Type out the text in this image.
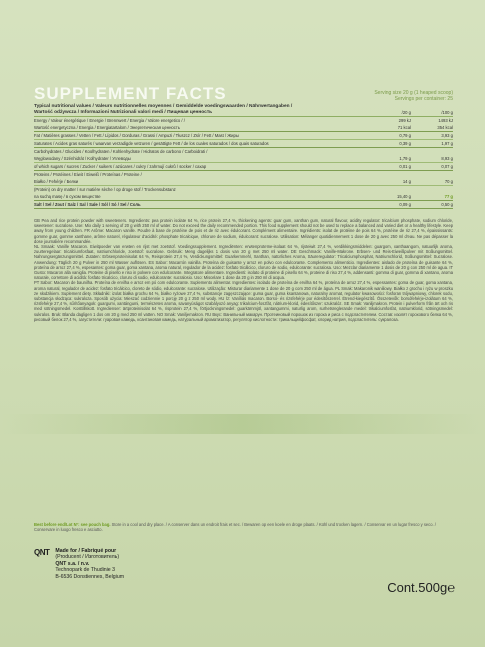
SUPPLEMENT FACTS	Serving size 20 g (1 heaped scoop)
Servings per container: 25
Typical nutritional values / Valeurs nutritionnelles moyennes / Gemiddelde voedingswaarden / Nährwertangaben /
Wartość odżywcza / Informazioni Nutrizionali valori medi / Пищевая ценность	/20 g	/100 g
Energy / Valeur énergétique / Energie / Brennwert / Energia / Valore energetico / /	299 kJ	1493 kJ
Wartość energetyczna / Energia / Energiatartalom / Энергетическая ценность	71 kcal	354 kcal
Fat / Matières grasses / Vetten / Fett / Lípidos / Gorduras / Grassi / Ampuzi / Tłuszcz / Zsír / Fett / Mast / Жиры	0,79 g	3,93 g
Saturates / Acides gras saturés / waarvan verzadigde vetzuren / gesättigte Fett / de los cuales saturados / dos quais saturados	0,39 g	1,97 g
Carbohydrates / Glucides / Koolhydraten / Kohlenhydrate / Hidratos de carbono / Carboidrati /
Węglowodany / Szénhidrát / Kolhydrater / Углеводы	1,79 g	8,93 g
of which sugars / sucres / Zucker / suikers / azúcares / cukry / zahrnují cukrů / socker / сахар	0,01 g	0,07 g
Proteins / Protéines / Eiwit / Eiweiß / Proteínas / Proteine /
Białko / Fehérje / Белки	14 g	70 g
(Protein) on dry matter / sur matière sèche / op droge stof / Trockensubstanz
na suchą masę / в сухом веществе	15,40 g	77 g
Salt / Sel / Zout / Salz / Sal / Sale / Sól / Só / Sel / Соль	0,09 g	0,50 g

GB Pea and rice protein powder with sweeteners. Ingredients: pea protein isolate 64 %, rice protein 27,4 %, thickening agents: guar gum, xanthan gum, natural flavour, acidity regulator: tricalcium phosphate, sodium chloride, sweetener: sucralose. Use: Mix daily 1 serving of 20 g with 250 ml of water. Do not exceed the daily recommended portion. This food supplement should not be used to replace a balanced and varied diet or a healthy lifestyle. Keep away from young children. FR Arôme: Macaron vanille. Poudre à base de protéine de pois et de riz avec édulcorant. Complément alimentaire. Ingrédients: isolat de protéine de pois 64 %, protéine de riz 27,4 %, épaississants: gomme guar, gomme xanthane, arôme naturel, régulateur d'acidité: phosphate tricalcique, chlorure de sodium, édulcorant: sucralose. Utilisation: Mélanger quotidiennement 1 dose de 20 g avec 250 ml d'eau. Ne pas dépasser la dose journalière recommandée.

NL Smaak: Vanille Macaron. Eiwitpoeder van erwten en rijst met zoetstof. Voedingssupplement. Ingrediënten: erwtenproteïne-isolaat 64 %, rijsteiwit 27,4 %, verdikkingsmiddelen: guargom, xanthaangom, natuurlijk aroma, zuurteregelaar: tricalciumfosfaat, natriumchloride, zoetstof: sucralose. Gebruik: Meng dagelijks 1 dosis van 20 g met 250 ml water. DE Geschmack: Vanille-Makrone. Erbsen- und Reis-Eiweißpulver mit Süßungsmittel. Nahrungsergänzungsmittel. Zutaten: Erbsenproteinisolat 64 %, Reisprotein 27,4 %, Verdickungsmittel: Guarkernmehl, Xanthan, natürliches Aroma, Säureregulator: Tricalciumphosphat, Natriumchlorid, Süßungsmittel: Sucralose. Anwendung: Täglich 20 g Pulver in 250 ml Wasser auflösen. ES Sabor: Macarrón vainilla. Proteína de guisante y arroz en polvo con edulcorante. Complemento alimenticio. Ingredientes: aislado de proteína de guisante 64 %, proteína de arroz 27,4 %, espesantes: goma guar, goma xantana, aroma natural, regulador de la acidez: fosfato tricálcico, cloruro de sodio, edulcorante: sucralosa. Uso: Mezclar diariamente 1 dosis de 20 g con 250 ml de agua. IT Gusto: Macaron alla vaniglia. Proteine di pisello e riso in polvere con edulcorante. Integratore alimentare. Ingredienti: isolato di proteine di pisello 64 %, proteine di riso 27,4 %, addensanti: gomma di guar, gomma di xantano, aroma naturale, correttore di acidità: fosfato tricalcico, cloruro di sodio, edulcorante: sucralosio. Uso: Miscelare 1 dose da 20 g in 250 ml di acqua.

PT Sabor: Macaron de baunilha. Proteína de ervilha e arroz em pó com edulcorante. Suplemento alimentar. Ingredientes: isolado de proteína de ervilha 64 %, proteína de arroz 27,4 %, espessantes: goma de guar, goma xantana, aroma natural, regulador de acidez: fosfato tricálcico, cloreto de sódio, edulcorante: sucralose. Utilização: Misturar diariamente 1 dose de 20 g com 250 ml de água. PL Smak: Makaronik waniliowy. Białko z grochu i ryżu w proszku ze słodzikiem. Suplement diety. Składniki: izolat białka grochu 64 %, białko ryżowe 27,4 %, substancje zagęszczające: guma guar, guma ksantanowa, naturalny aromat, regulator kwasowości: fosforan trójwapniowy, chlorek sodu, substancja słodząca: sukraloza. Sposób użycia: Mieszać codziennie 1 porcję 20 g z 250 ml wody. HU Íz: Vaníliás macaron. Borsó- és rizsfehérje por édesítőszerrel. Étrend-kiegészítő. Összetevők: borsófehérje-izolátum 64 %, rizsfehérje 27,4 %, sűrítőanyagok: guargumi, xantángumi, természetes aroma, savanyúságot szabályozó anyag: trikalcium-foszfát, nátrium-klorid, édesítőszer: szukralóz. SE Smak: Vaniljmakron. Protein i pulverform från ärt och ris med sötningsmedel. Kosttillskott. Ingredienser: ärtproteinisolat 64 %, risprotein 27,4 %, förtjockningsmedel: guarkärnmjöl, xantangummi, naturlig arom, surhetsreglerande medel: trikalciumfosfat, natriumklorid, sötningsmedel: sukralos. Bruk: Blanda dagligen 1 dos om 20 g med 250 ml vatten. NO Smak: Vaniljemakron. RU Вкус: Ванильный макарун. Протеиновый порошок из гороха и риса с подсластителем. Состав: изолят горохового белка 64 %, рисовый белок 27,4 %, загустители: гуаровая камедь, ксантановая камедь, натуральный ароматизатор, регулятор кислотности: трикальцийфосфат, хлорид натрия, подсластитель: сукралоза.

Best before end/Lot N°: see pouch bag. Store in a cool and dry place. / A conserver dans un endroit frais et sec. / Bewaren op een koele en droge plaats. / Kühl und trocken lagern. / Conservar en un lugar fresco y seco. / Conservare in luogo fresco e asciutto.
QNT Made for / Fabriqué pour
(Producent / Изготовитель)
QNT s.a. / n.v.
Technopark de Thudinie 3
B-6536 Donstiennes, Belgium
Cont.500g℮
